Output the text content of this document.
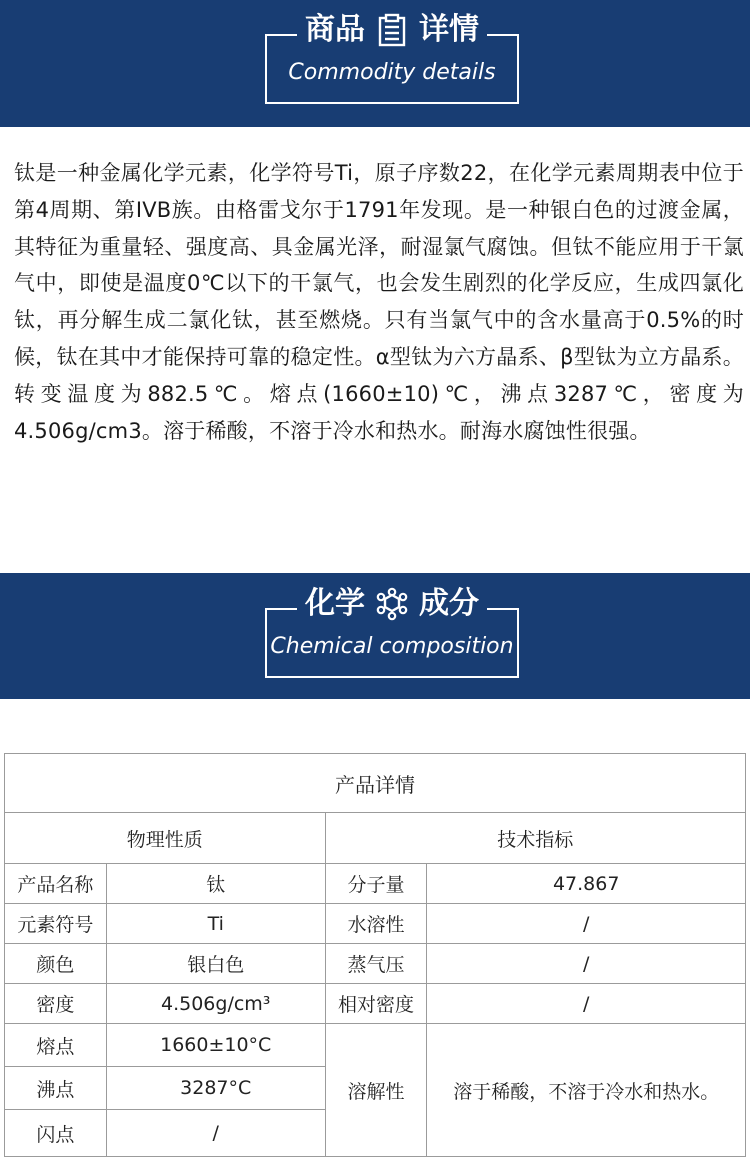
商品 详情
Commodity details

钛是一种金属化学元素，化学符号Ti，原子序数22，在化学元素周期表中位于第4周期、第IVB族。由格雷戈尔于1791年发现。是一种银白色的过渡金属，其特征为重量轻、强度高、具金属光泽，耐湿氯气腐蚀。但钛不能应用于干氯气中，即使是温度0℃以下的干氯气，也会发生剧烈的化学反应，生成四氯化钛，再分解生成二氯化钛，甚至燃烧。只有当氯气中的含水量高于0.5%的时候，钛在其中才能保持可靠的稳定性。α型钛为六方晶系、β型钛为立方晶系。转变温度为882.5℃。熔点(1660±10)℃，沸点3287℃，密度为4.506g/cm3。溶于稀酸，不溶于冷水和热水。耐海水腐蚀性很强。

化学 成分
Chemical composition
产品详情			
物理性质		技术指标	
产品名称	钛	分子量	47.867
元素符号	Ti	水溶性	/
颜色	银白色	蒸气压	/
密度	4.506g/cm³	相对密度	/
熔点	1660±10°C	溶解性	溶于稀酸，不溶于冷水和热水。
沸点	3287°C		
闪点	/		
